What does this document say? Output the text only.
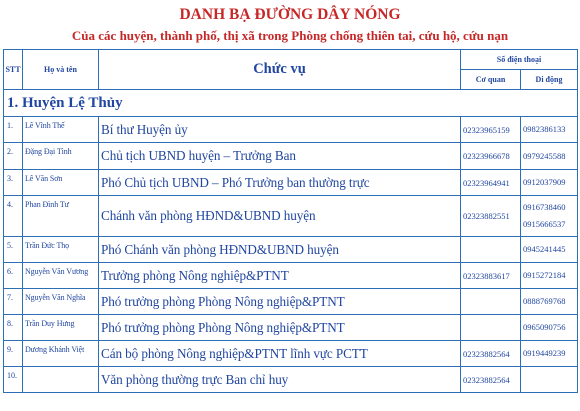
DANH BẠ ĐƯỜNG DÂY NÓNG
Của các huyện, thành phố, thị xã trong Phòng chống thiên tai, cứu hộ, cứu nạn
STT	Họ và tên	Chức vụ	Số điện thoại	
			Cơ quan	Di động
1. Huyện Lệ Thủy				
1.	Lê Vĩnh Thế	Bí thư Huyện ủy	02323965159	0982386133

2.	Đặng Đại Tình	Chủ tịch UBND huyện – Trưởng Ban	02323966678	0979245588

3.	Lê Văn Sơn	Phó Chủ tịch UBND – Phó Trưởng ban thường trực	02323964941	0912037909

4.	Phan Đình Tư	Chánh văn phòng HĐND&UBND huyện	02323882551	0916738460
0915666537

5.	Trần Đức Thọ	Phó Chánh văn phòng HĐND&UBND huyện		0945241445

6.	Nguyễn Văn Vương	Trưởng phòng Nông nghiệp&PTNT	02323883617	0915272184

7.	Nguyễn Văn Nghĩa	Phó trưởng phòng Phòng Nông nghiệp&PTNT		0888769768

8.	Trần Duy Hưng	Phó trưởng phòng Phòng Nông nghiệp&PTNT		0965090756

9.	Dương Khánh Việt	Cán bộ phòng Nông nghiệp&PTNT lĩnh vực PCTT	02323882564	0919449239

10.		Văn phòng thường trực Ban chỉ huy	02323882564	
